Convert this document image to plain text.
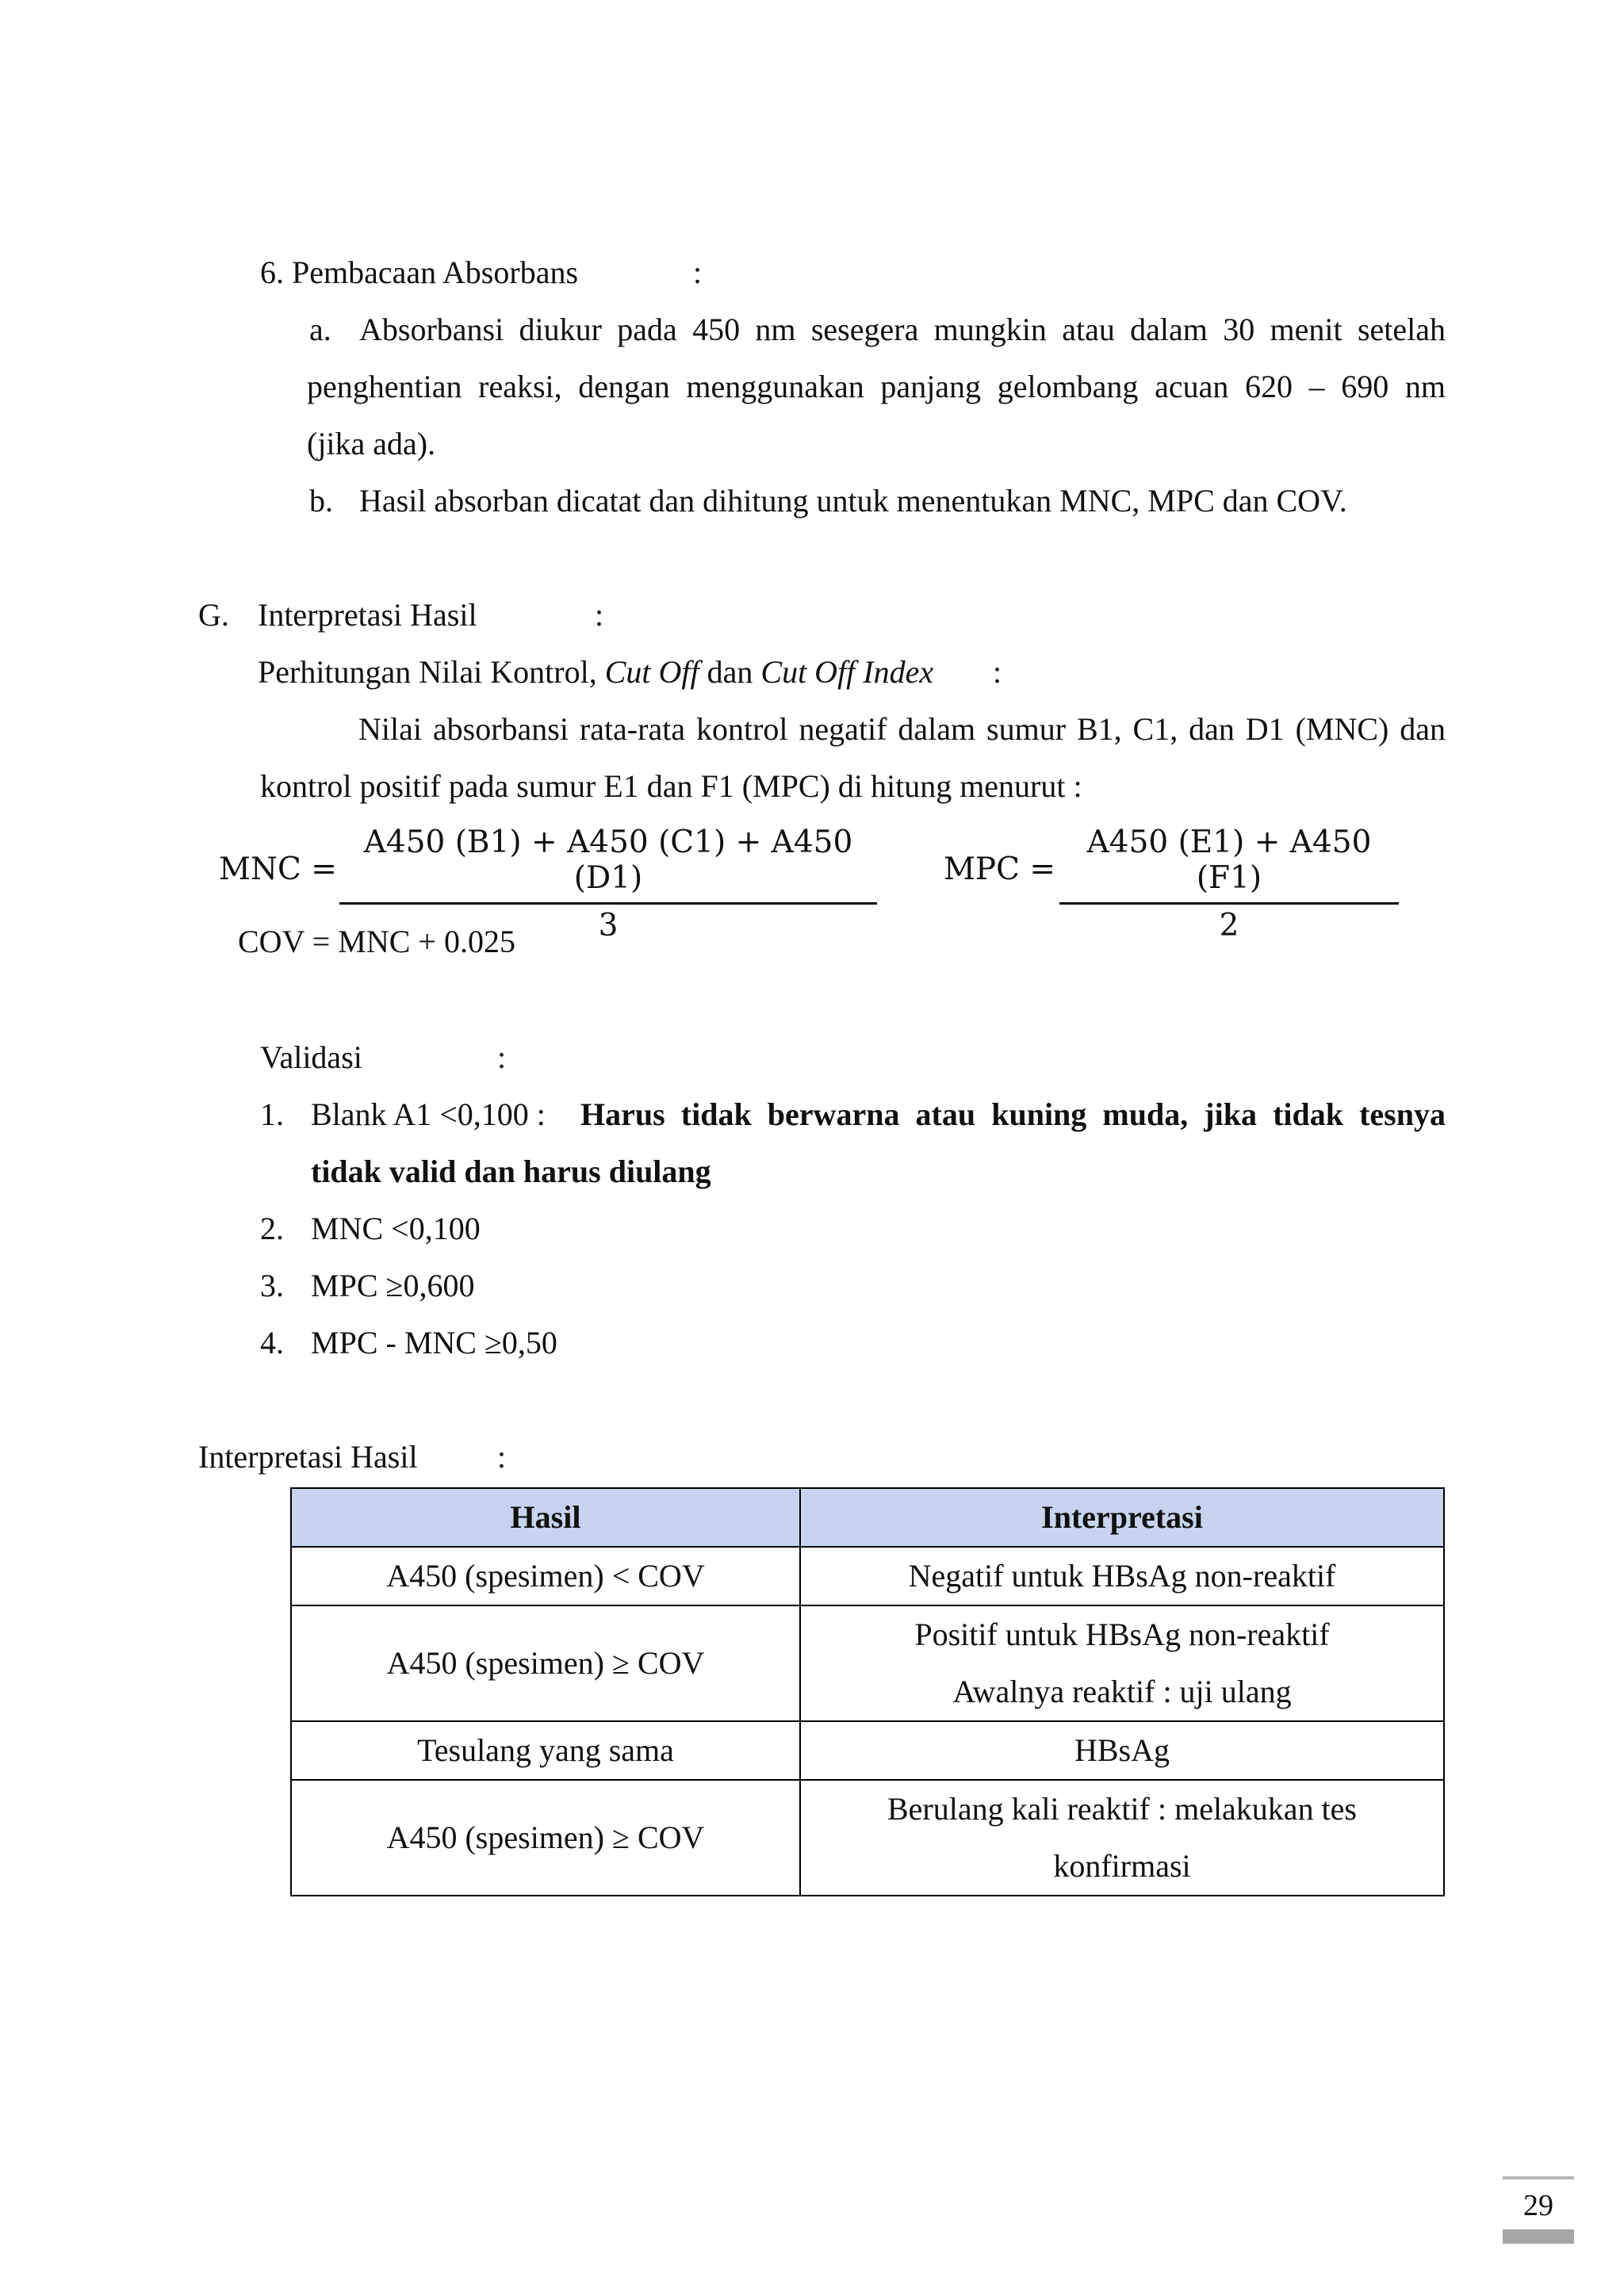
6. Pembacaan Absorbans	:
a. Absorbansi diukur pada 450 nm sesegera mungkin atau dalam 30 menit setelah
penghentian reaksi, dengan menggunakan panjang gelombang acuan 620 – 690 nm
(jika ada).
b. Hasil absorban dicatat dan dihitung untuk menentukan MNC, MPC dan COV.
G. Interpretasi Hasil	:
Perhitungan Nilai Kontrol, Cut Off dan Cut Off Index :
Nilai absorbansi rata-rata kontrol negatif dalam sumur B1, C1, dan D1 (MNC) dan
kontrol positif pada sumur E1 dan F1 (MPC) di hitung menurut :
MNC = $\frac{A450 (B1) + A450 (C1) + A450 (D1)}{3}$ MPC = $\frac{A450 (E1) + A450 (F1)}{2}$
COV = MNC + 0.025
Validasi	:
1. Blank A1 <0,100 : Harus tidak berwarna atau kuning muda, jika tidak tesnya
tidak valid dan harus diulang
2. MNC <0,100
3. MPC ≥0,600
4. MPC - MNC ≥0,50
Interpretasi Hasil	:
Hasil	Interpretasi
A450 (spesimen) < COV	Negatif untuk HBsAg non-reaktif
A450 (spesimen) ≥ COV	Positif untuk HBsAg non-reaktif
Awalnya reaktif : uji ulang

Tesulang yang sama	HBsAg
A450 (spesimen) ≥ COV	Berulang kali reaktif : melakukan tes
konfirmasi
29
